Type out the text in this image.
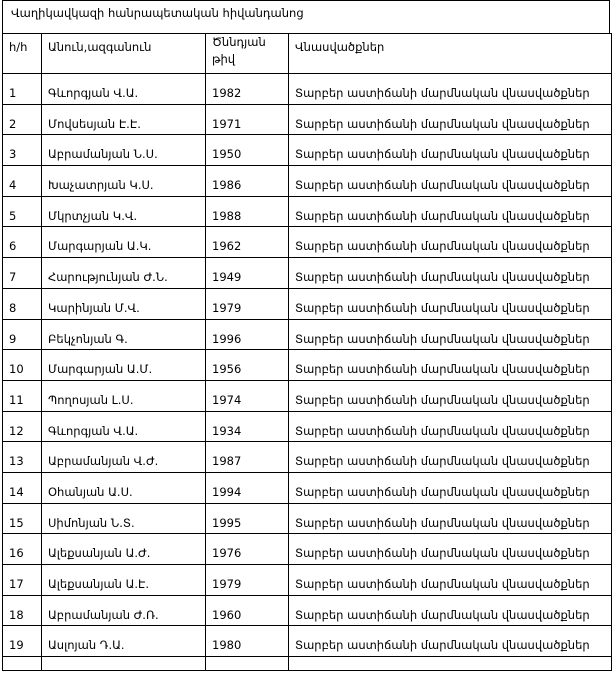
Վաղիկավկազի հանրապետական հիվանդանոց
հ/հ	Անուն,ազգանուն	Ծննդյան թիվ	Վնասվածքներ
1	Գևորգյան Վ.Ա.	1982	Տարբեր աստիճանի մարմնական վնասվածքներ
2	Մովսեսյան Է.Է.	1971	Տարբեր աստիճանի մարմնական վնասվածքներ
3	Աբրամանյան Ն.Ս.	1950	Տարբեր աստիճանի մարմնական վնասվածքներ
4	Խաչատրյան Կ.Ս.	1986	Տարբեր աստիճանի մարմնական վնասվածքներ
5	Մկրտչյան Կ.Վ.	1988	Տարբեր աստիճանի մարմնական վնասվածքներ
6	Մարգարյան Ա.Կ.	1962	Տարբեր աստիճանի մարմնական վնասվածքներ
7	Հարությունյան Ժ.Ն.	1949	Տարբեր աստիճանի մարմնական վնասվածքներ
8	Կարինյան Մ.Վ.	1979	Տարբեր աստիճանի մարմնական վնասվածքներ
9	Բեկչոնյան Գ.	1996	Տարբեր աստիճանի մարմնական վնասվածքներ
10	Մարգարյան Ա.Մ.	1956	Տարբեր աստիճանի մարմնական վնասվածքներ
11	Պողոսյան Լ.Ս.	1974	Տարբեր աստիճանի մարմնական վնասվածքներ
12	Գևորգյան Վ.Ա.	1934	Տարբեր աստիճանի մարմնական վնասվածքներ
13	Աբրամանյան Վ.Ժ.	1987	Տարբեր աստիճանի մարմնական վնասվածքներ
14	Օհանյան Ա.Ս.	1994	Տարբեր աստիճանի մարմնական վնասվածքներ
15	Սիմոնյան Ն.Տ.	1995	Տարբեր աստիճանի մարմնական վնասվածքներ
16	Ալեքսանյան Ա.Ժ.	1976	Տարբեր աստիճանի մարմնական վնասվածքներ
17	Ալեքսանյան Ա.Է.	1979	Տարբեր աստիճանի մարմնական վնասվածքներ
18	Աբրամանյան Ժ.Ռ.	1960	Տարբեր աստիճանի մարմնական վնասվածքներ
19	Ասլոյան Դ.Ա.	1980	Տարբեր աստիճանի մարմնական վնասվածքներ
